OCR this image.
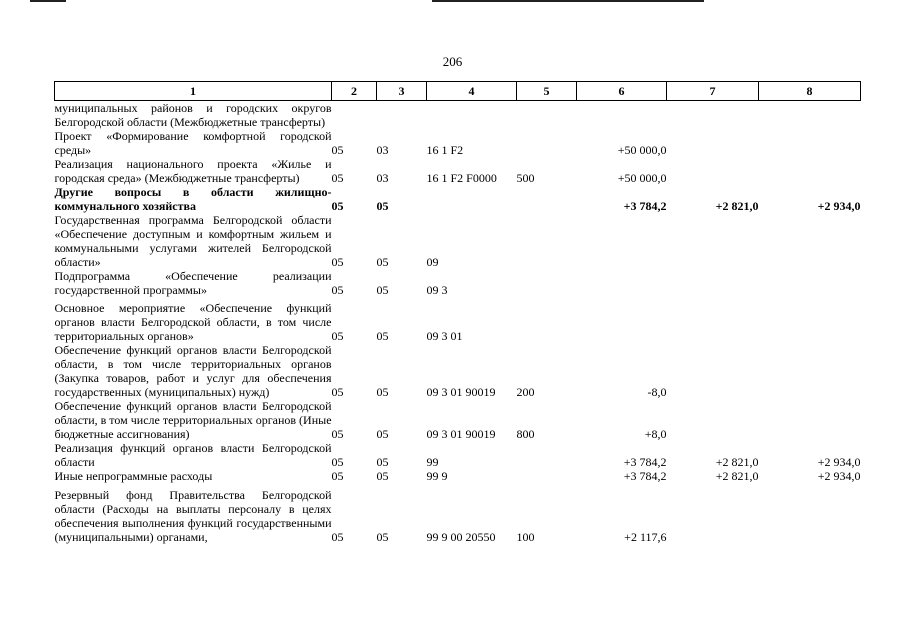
206
1	2	3	4	5	6	7	8
муниципальных районов и городских округов Белгородской области (Межбюджетные трансферты)							
Проект «Формирование комфортной городской среды»	05	03	16 1 F2		+50 000,0		
Реализация национального проекта «Жилье и городская среда» (Межбюджетные трансферты)	05	03	16 1 F2 F0000	500	+50 000,0		
Другие вопросы в области жилищно-коммунального хозяйства	05	05			+3 784,2	+2 821,0	+2 934,0
Государственная программа Белгородской области «Обеспечение доступным и комфортным жильем и коммунальными услугами жителей Белгородской области»	05	05	09				
Подпрограмма «Обеспечение реализации государственной программы»	05	05	09 3				

Основное мероприятие «Обеспечение функций органов власти Белгородской области, в том числе территориальных органов»	05	05	09 3 01				
Обеспечение функций органов власти Белгородской области, в том числе территориальных органов (Закупка товаров, работ и услуг для обеспечения государственных (муниципальных) нужд)	05	05	09 3 01 90019	200	-8,0		
Обеспечение функций органов власти Белгородской области, в том числе территориальных органов (Иные бюджетные ассигнования)	05	05	09 3 01 90019	800	+8,0		
Реализация функций органов власти Белгородской области	05	05	99		+3 784,2	+2 821,0	+2 934,0
Иные непрограммные расходы	05	05	99 9		+3 784,2	+2 821,0	+2 934,0

Резервный фонд Правительства Белгородской области (Расходы на выплаты персоналу в целях обеспечения выполнения функций государственными (муниципальными) органами,	05	05	99 9 00 20550	100	+2 117,6		
